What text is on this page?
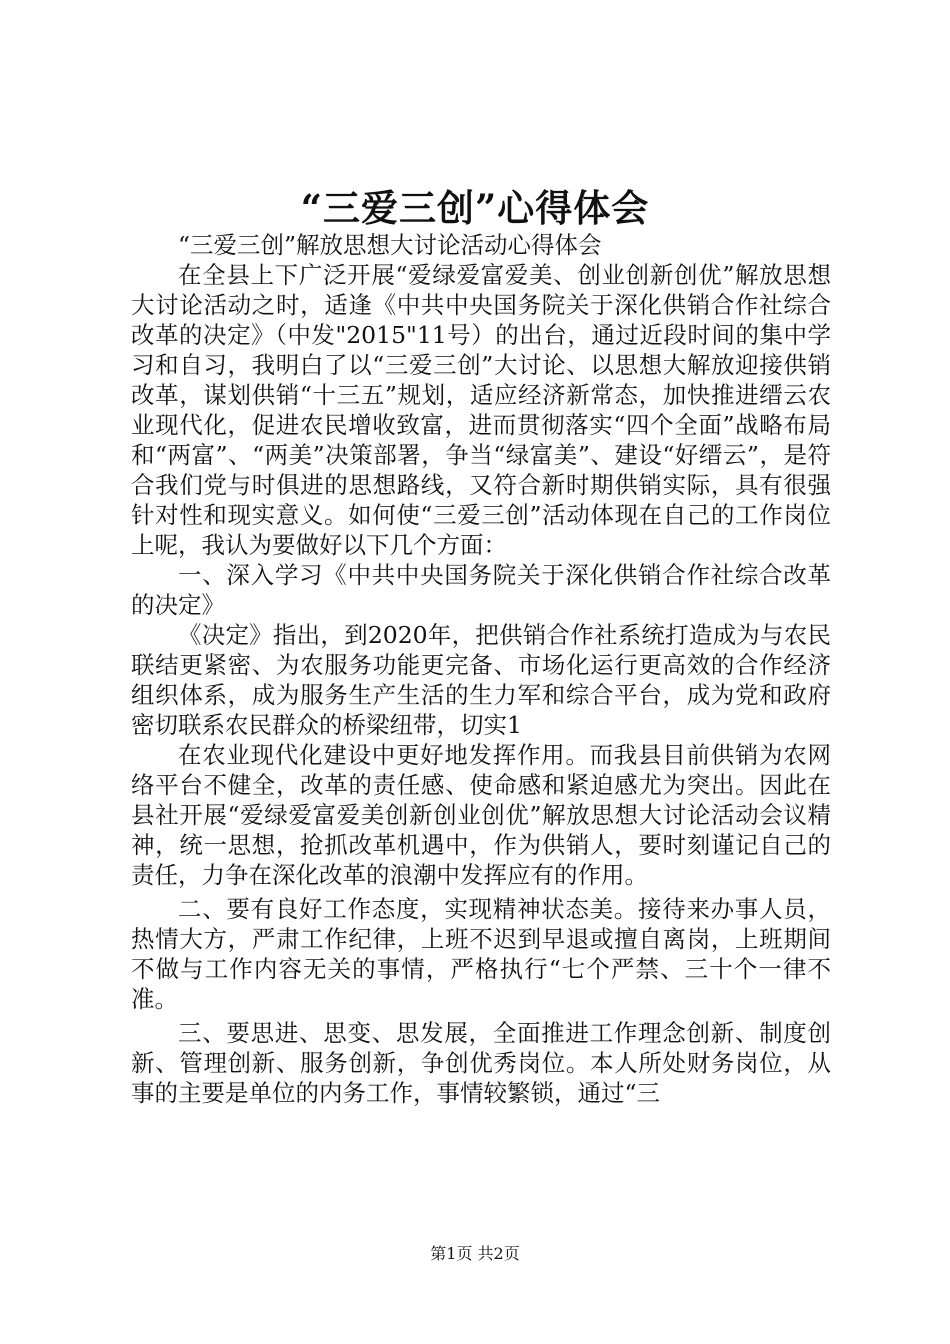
“三爱三创”心得体会

“三爱三创”解放思想大讨论活动心得体会

在全县上下广泛开展“爱绿爱富爱美、创业创新创优”解放思想大讨论活动之时，适逢《中共中央国务院关于深化供销合作社综合改革的决定》（中发"2015"11号）的出台，通过近段时间的集中学习和自习，我明白了以“三爱三创”大讨论、以思想大解放迎接供销改革，谋划供销“十三五”规划，适应经济新常态，加快推进缙云农业现代化，促进农民增收致富，进而贯彻落实“四个全面”战略布局和“两富”、“两美”决策部署，争当“绿富美”、建设“好缙云”，是符合我们党与时俱进的思想路线，又符合新时期供销实际，具有很强针对性和现实意义。如何使“三爱三创”活动体现在自己的工作岗位上呢，我认为要做好以下几个方面：

一、深入学习《中共中央国务院关于深化供销合作社综合改革的决定》

《决定》指出，到2020年，把供销合作社系统打造成为与农民联结更紧密、为农服务功能更完备、市场化运行更高效的合作经济组织体系，成为服务生产生活的生力军和综合平台，成为党和政府密切联系农民群众的桥梁纽带，切实1

在农业现代化建设中更好地发挥作用。而我县目前供销为农网络平台不健全，改革的责任感、使命感和紧迫感尤为突出。因此在县社开展“爱绿爱富爱美创新创业创优”解放思想大讨论活动会议精神，统一思想，抢抓改革机遇中，作为供销人，要时刻谨记自己的责任，力争在深化改革的浪潮中发挥应有的作用。

二、要有良好工作态度，实现精神状态美。接待来办事人员，热情大方，严肃工作纪律，上班不迟到早退或擅自离岗，上班期间不做与工作内容无关的事情，严格执行“七个严禁、三十个一律不准。

三、要思进、思变、思发展，全面推进工作理念创新、制度创新、管理创新、服务创新，争创优秀岗位。本人所处财务岗位，从事的主要是单位的内务工作，事情较繁锁，通过“三

第1页 共2页
